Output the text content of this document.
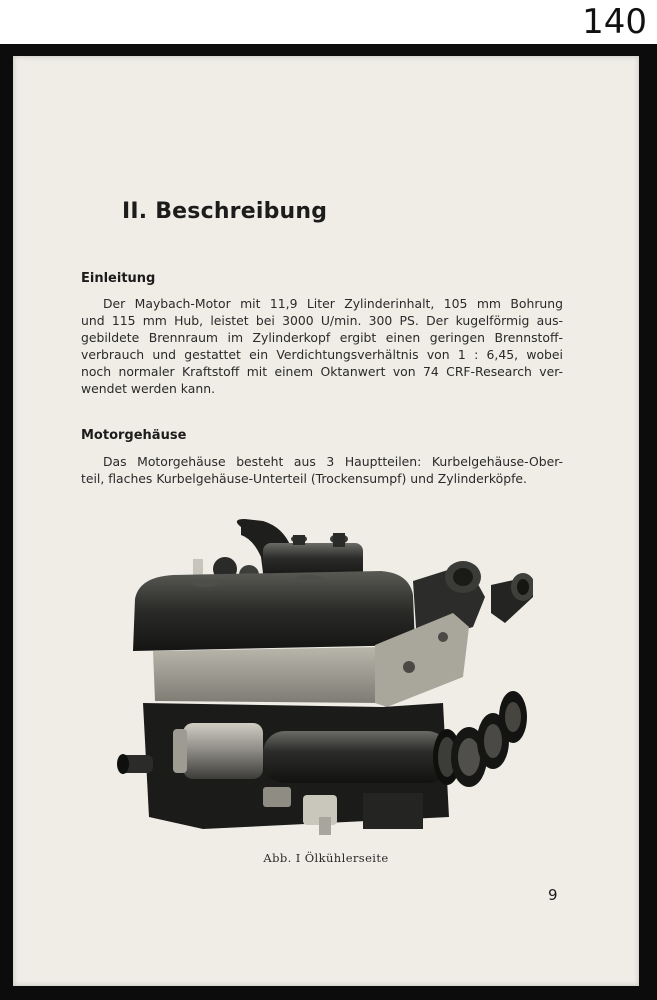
140
II. Beschreibung
Einleitung
Der Maybach-Motor mit 11,9 Liter Zylinderinhalt, 105 mm Bohrung
und 115 mm Hub, leistet bei 3000 U/min. 300 PS. Der kugelförmig aus-
gebildete Brennraum im Zylinderkopf ergibt einen geringen Brennstoff-
verbrauch und gestattet ein Verdichtungsverhältnis von 1 : 6,45, wobei
noch normaler Kraftstoff mit einem Oktanwert von 74 CRF-Research ver-
wendet werden kann.
Motorgehäuse
Das Motorgehäuse besteht aus 3 Hauptteilen: Kurbelgehäuse-Ober-
teil, flaches Kurbelgehäuse-Unterteil (Trockensumpf) und Zylinderköpfe.
Abb. I Ölkühlerseite
9
